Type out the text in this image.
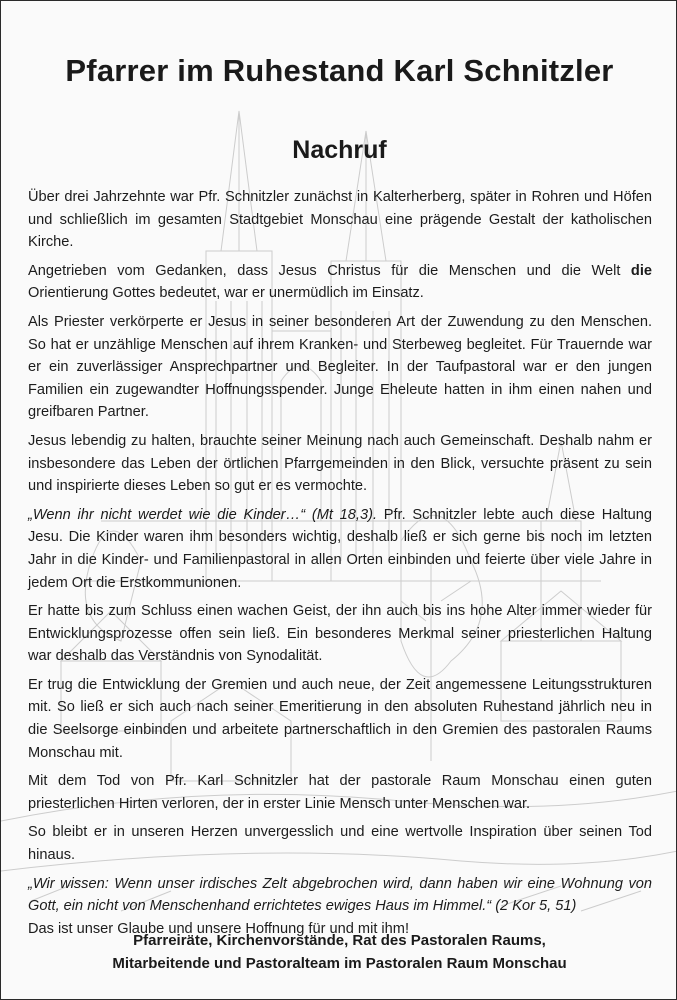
Pfarrer im Ruhestand Karl Schnitzler
Nachruf

Über drei Jahrzehnte war Pfr. Schnitzler zunächst in Kalterherberg, später in Rohren und Höfen und schließlich im gesamten Stadtgebiet Monschau eine prägende Gestalt der katholischen Kirche.

Angetrieben vom Gedanken, dass Jesus Christus für die Menschen und die Welt die Orientierung Gottes bedeutet, war er unermüdlich im Einsatz.

Als Priester verkörperte er Jesus in seiner besonderen Art der Zuwendung zu den Menschen. So hat er unzählige Menschen auf ihrem Kranken- und Sterbeweg begleitet. Für Trauernde war er ein zuverlässiger Ansprechpartner und Begleiter. In der Taufpastoral war er den jungen Familien ein zugewandter Hoffnungsspender. Junge Eheleute hatten in ihm einen nahen und greifbaren Partner.

Jesus lebendig zu halten, brauchte seiner Meinung nach auch Gemeinschaft. Deshalb nahm er insbesondere das Leben der örtlichen Pfarrgemeinden in den Blick, versuchte präsent zu sein und inspirierte dieses Leben so gut er es vermochte.

„Wenn ihr nicht werdet wie die Kinder…“ (Mt 18,3). Pfr. Schnitzler lebte auch diese Haltung Jesu. Die Kinder waren ihm besonders wichtig, deshalb ließ er sich gerne bis noch im letzten Jahr in die Kinder- und Familienpastoral in allen Orten einbinden und feierte über viele Jahre in jedem Ort die Erstkommunionen.

Er hatte bis zum Schluss einen wachen Geist, der ihn auch bis ins hohe Alter immer wieder für Entwicklungsprozesse offen sein ließ. Ein besonderes Merkmal seiner priesterlichen Haltung war deshalb das Verständnis von Synodalität.

Er trug die Entwicklung der Gremien und auch neue, der Zeit angemessene Leitungsstrukturen mit. So ließ er sich auch nach seiner Emeritierung in den absoluten Ruhestand jährlich neu in die Seelsorge einbinden und arbeitete partnerschaftlich in den Gremien des pastoralen Raums Monschau mit.

Mit dem Tod von Pfr. Karl Schnitzler hat der pastorale Raum Monschau einen guten priesterlichen Hirten verloren, der in erster Linie Mensch unter Menschen war.

So bleibt er in unseren Herzen unvergesslich und eine wertvolle Inspiration über seinen Tod hinaus.

„Wir wissen: Wenn unser irdisches Zelt abgebrochen wird, dann haben wir eine Wohnung von Gott, ein nicht von Menschenhand errichtetes ewiges Haus im Himmel.“ (2 Kor 5, 51)

Das ist unser Glaube und unsere Hoffnung für und mit ihm!

Pfarreiräte, Kirchenvorstände, Rat des Pastoralen Raums,
Mitarbeitende und Pastoralteam im Pastoralen Raum Monschau
